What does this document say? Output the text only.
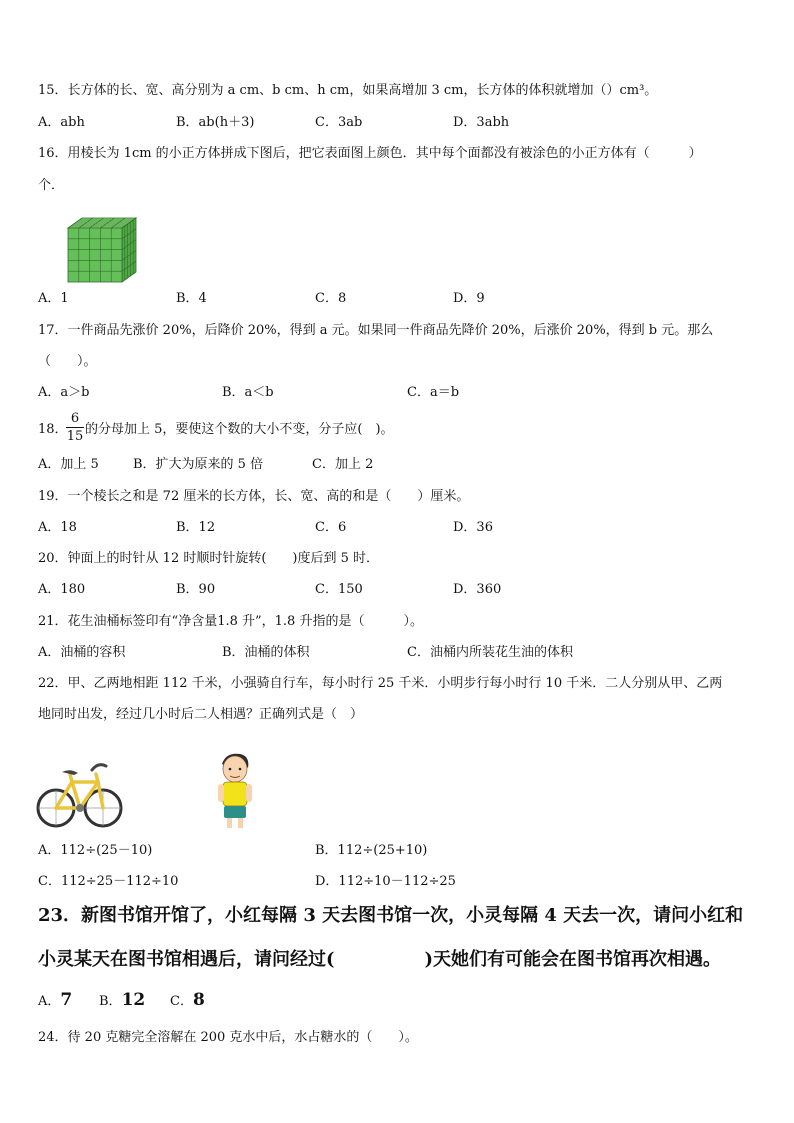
15．长方体的长、宽、高分别为 a cm、b cm、h cm，如果高增加 3 cm，长方体的体积就增加（）cm³。
A．abh	B．ab(h＋3)	C．3ab	D．3abh
16．用棱长为 1cm 的小正方体拼成下图后，把它表面图上颜色．其中每个面都没有被涂色的小正方体有（　　　）
个．
A．1	B．4	C．8	D．9
17．一件商品先涨价 20%，后降价 20%，得到 a 元。如果同一件商品先降价 20%，后涨价 20%，得到 b 元。那么
（　　）。
A．a＞b	B．a＜b	C．a＝b
18．
$\frac{6}{15}$ 的分母加上 5，要使这个数的大小不变，分子应(　)。
A．加上 5	B．扩大为原来的 5 倍	C．加上 2
19．一个棱长之和是 72 厘米的长方体，长、宽、高的和是（　　）厘米。
A．18	B．12	C．6	D．36
20．钟面上的时针从 12 时顺时针旋转(　　)度后到 5 时．
A．180	B．90	C．150	D．360
21．花生油桶标签印有“净含量1.8 升”，1.8 升指的是（　　　）。
A．油桶的容积	B．油桶的体积	C．油桶内所装花生油的体积
22．甲、乙两地相距 112 千米，小强骑自行车，每小时行 25 千米．小明步行每小时行 10 千米．二人分别从甲、乙两
地同时出发，经过几小时后二人相遇？正确列式是（　）
A．112÷(25－10)	B．112÷(25+10)
C．112÷25－112÷10	D．112÷10－112÷25
23．新图书馆开馆了，小红每隔 3 天去图书馆一次，小灵每隔 4 天去一次，请问小红和
小灵某天在图书馆相遇后，请问经过(　　　　　)天她们有可能会在图书馆再次相遇。
A．7 B．12 C．8
24．待 20 克糖完全溶解在 200 克水中后，水占糖水的（　　）。
